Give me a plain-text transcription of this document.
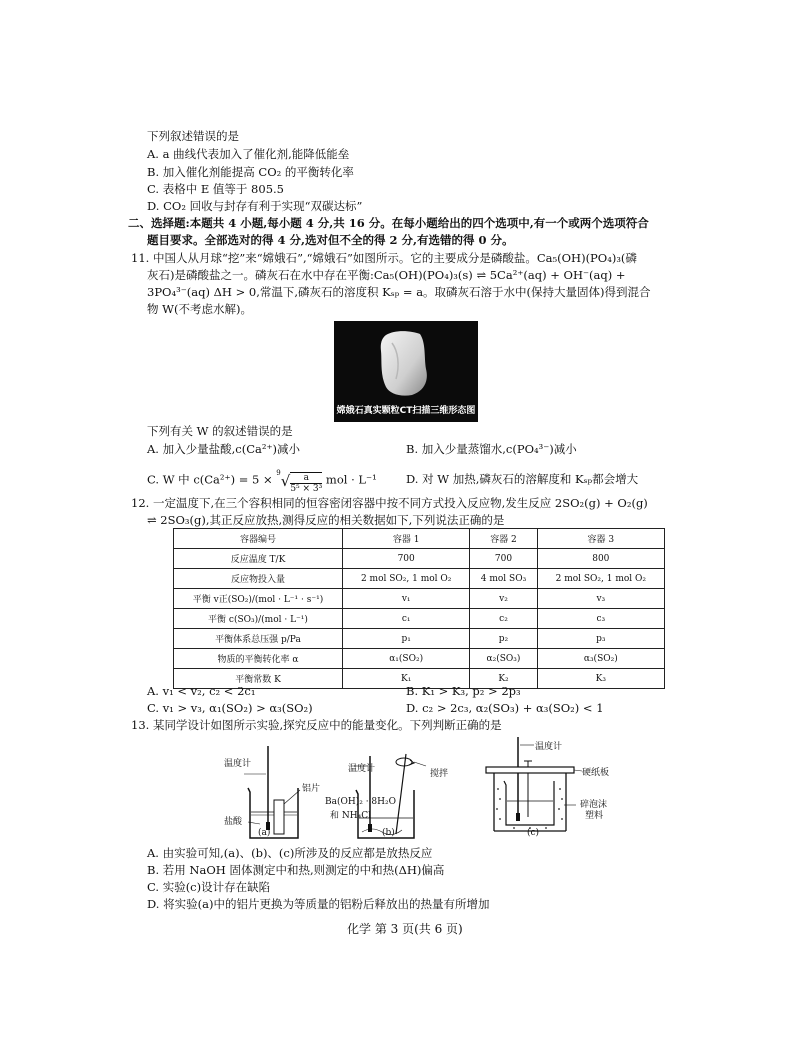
下列叙述错误的是
A. a 曲线代表加入了催化剂,能降低能垒
B. 加入催化剂能提高 CO₂ 的平衡转化率
C. 表格中 E 值等于 805.5
D. CO₂ 回收与封存有利于实现“双碳达标”
二、选择题:本题共 4 小题,每小题 4 分,共 16 分。在每小题给出的四个选项中,有一个或两个选项符合
题目要求。全部选对的得 4 分,选对但不全的得 2 分,有选错的得 0 分。
11. 中国人从月球“挖”来“嫦娥石”,“嫦娥石”如图所示。它的主要成分是磷酸盐。Ca₅(OH)(PO₄)₃(磷
灰石)是磷酸盐之一。磷灰石在水中存在平衡:Ca₅(OH)(PO₄)₃(s) ⇌ 5Ca²⁺(aq) + OH⁻(aq) +
3PO₄³⁻(aq) ΔH > 0,常温下,磷灰石的溶度积 Kₛₚ = a。取磷灰石溶于水中(保持大量固体)得到混合
物 W(不考虑水解)。
嫦娥石真实颗粒CT扫描三维形态图
下列有关 W 的叙述错误的是
A. 加入少量盐酸,c(Ca²⁺)减小	B. 加入少量蒸馏水,c(PO₄³⁻)减小
C. W 中 $c(Ca^{2+}) = 5 \times ^9√ \frac{a}{\text{5⁵ × 3³}}$ mol · L⁻¹	D. 对 W 加热,磷灰石的溶解度和 Kₛₚ都会增大
12. 一定温度下,在三个容积相同的恒容密闭容器中按不同方式投入反应物,发生反应 2SO₂(g) + O₂(g)
⇌ 2SO₃(g),其正反应放热,测得反应的相关数据如下,下列说法正确的是
容器编号	容器 1	容器 2	容器 3
反应温度 T/K	700	700	800
反应物投入量	2 mol SO₂, 1 mol O₂	4 mol SO₃	2 mol SO₂, 1 mol O₂
平衡 v正(SO₂)/(mol · L⁻¹ · s⁻¹)	v₁	v₂	v₃
平衡 c(SO₃)/(mol · L⁻¹)	c₁	c₂	c₃
平衡体系总压强 p/Pa	p₁	p₂	p₃
物质的平衡转化率 α	α₁(SO₂)	α₂(SO₃)	α₃(SO₂)
平衡常数 K	K₁	K₂	K₃
A. v₁ < v₂, c₂ < 2c₁	B. K₁ > K₃, p₂ > 2p₃
C. v₁ > v₃, α₁(SO₂) > α₃(SO₂)	D. c₂ > 2c₃, α₂(SO₃) + α₃(SO₂) < 1
13. 某同学设计如图所示实验,探究反应中的能量变化。下列判断正确的是
温度计
铝片
盐酸
(a)
温度计	搅拌
Ba(OH)₂ · 8H₂O
和 NH₄Cl
(b)
温度计
硬纸板
碎泡沫
塑料
(c)
A. 由实验可知,(a)、(b)、(c)所涉及的反应都是放热反应
B. 若用 NaOH 固体测定中和热,则测定的中和热(ΔH)偏高
C. 实验(c)设计存在缺陷
D. 将实验(a)中的铝片更换为等质量的铝粉后释放出的热量有所增加
化学 第 3 页(共 6 页)
